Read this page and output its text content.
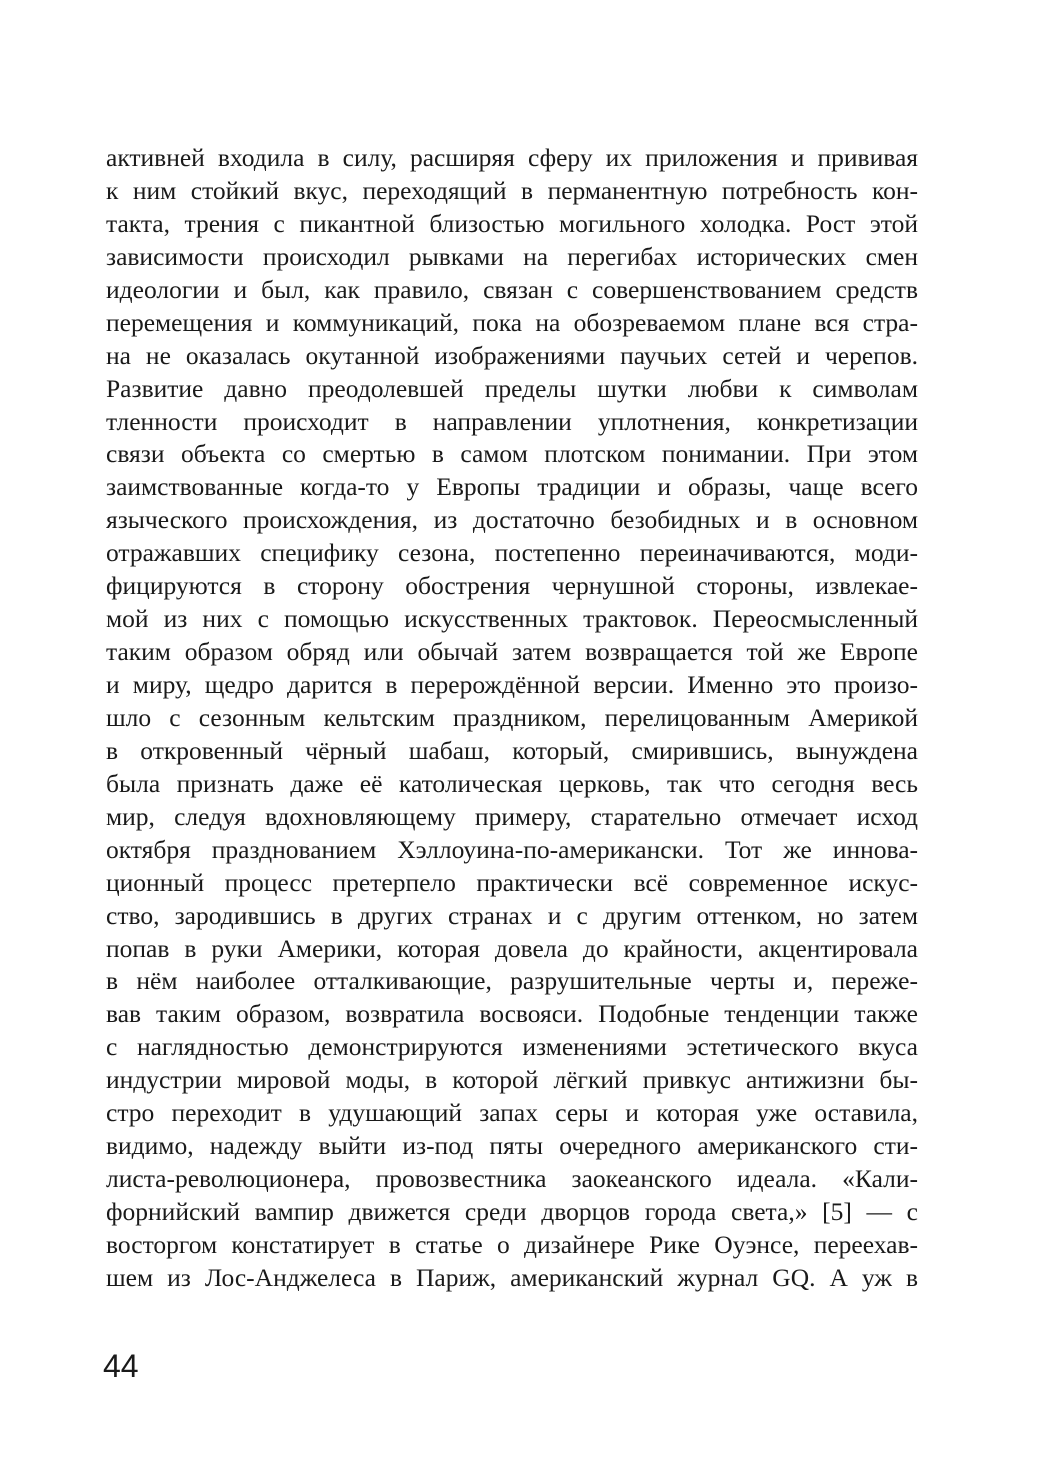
активней входила в силу, расширяя сферу их приложения и прививая
к ним стойкий вкус, переходящий в перманентную потребность кон-
такта, трения с пикантной близостью могильного холодка. Рост этой
зависимости происходил рывками на перегибах исторических смен
идеологии и был, как правило, связан с совершенствованием средств
перемещения и коммуникаций, пока на обозреваемом плане вся стра-
на не оказалась окутанной изображениями паучьих сетей и черепов.
Развитие давно преодолевшей пределы шутки любви к символам
тленности происходит в направлении уплотнения, конкретизации
связи объекта со смертью в самом плотском понимании. При этом
заимствованные когда-то у Европы традиции и образы, чаще всего
языческого происхождения, из достаточно безобидных и в основном
отражавших специфику сезона, постепенно переиначиваются, моди-
фицируются в сторону обострения чернушной стороны, извлекае-
мой из них с помощью искусственных трактовок. Переосмысленный
таким образом обряд или обычай затем возвращается той же Европе
и миру, щедро дарится в перерождённой версии. Именно это произо-
шло с сезонным кельтским праздником, перелицованным Америкой
в откровенный чёрный шабаш, который, смирившись, вынуждена
была признать даже её католическая церковь, так что сегодня весь
мир, следуя вдохновляющему примеру, старательно отмечает исход
октября празднованием Хэллоуина-по-американски. Тот же иннова-
ционный процесс претерпело практически всё современное искус-
ство, зародившись в других странах и с другим оттенком, но затем
попав в руки Америки, которая довела до крайности, акцентировала
в нём наиболее отталкивающие, разрушительные черты и, пережe-
вав таким образом, возвратила восвояси. Подобные тенденции также
с наглядностью демонстрируются изменениями эстетического вкуса
индустрии мировой моды, в которой лёгкий привкус антижизни бы-
стро переходит в удушающий запах серы и которая уже оставила,
видимо, надежду выйти из-под пяты очередного американского сти-
листа-революционера, провозвестника заокеанского идеала. «Кали-
форнийский вампир движется среди дворцов города света,» [5] — с
восторгом констатирует в статье о дизайнере Рике Оуэнсе, переехав-
шем из Лос-Анджелеса в Париж, американский журнал GQ. А уж в
44
